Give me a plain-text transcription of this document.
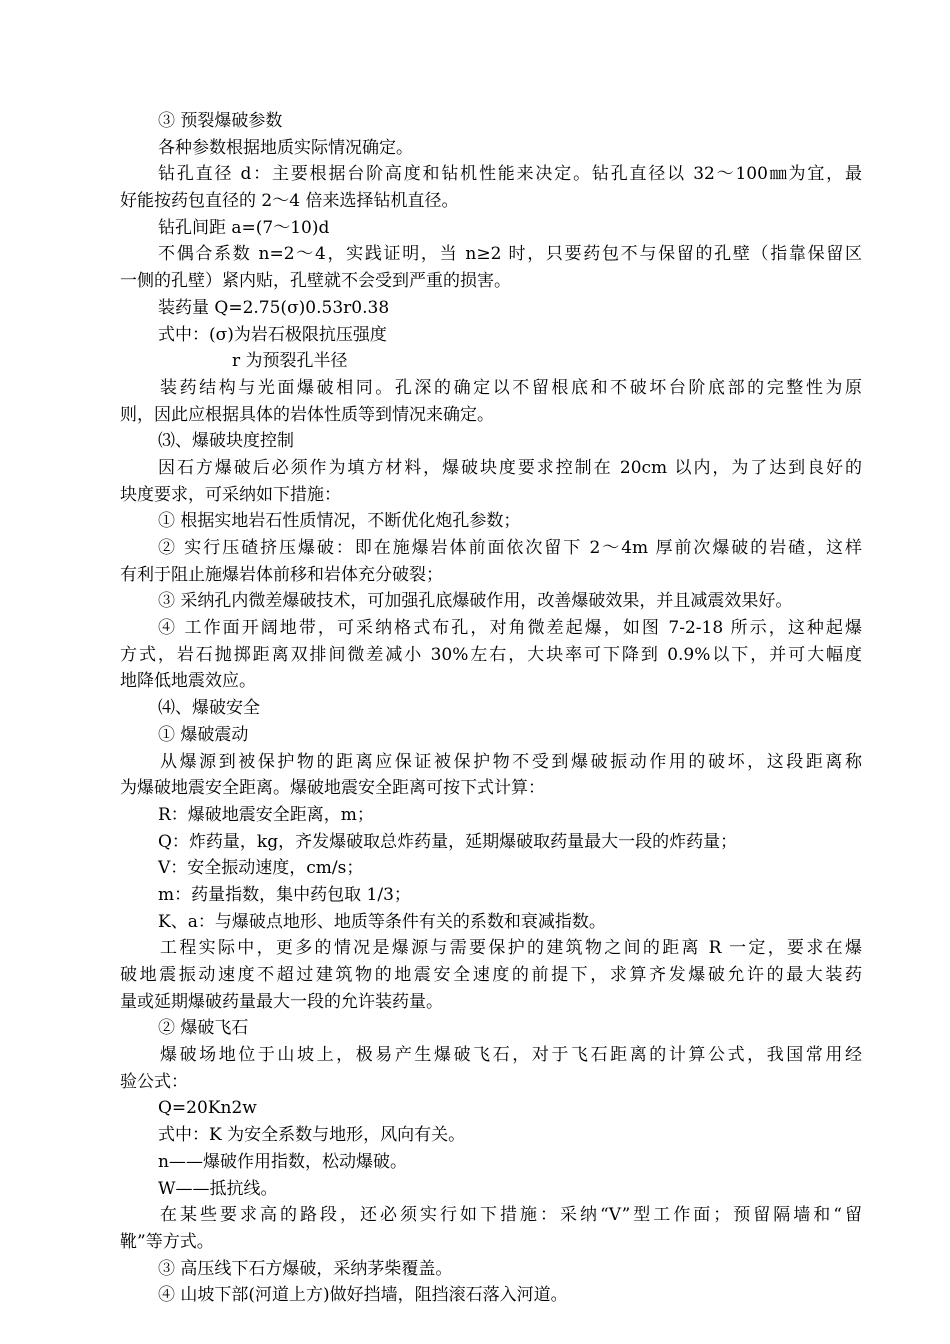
③ 预裂爆破参数
各种参数根据地质实际情况确定。
钻孔直径 d：主要根据台阶高度和钻机性能来决定。钻孔直径以 32～100㎜为宜，最
好能按药包直径的 2～4 倍来选择钻机直径。
钻孔间距 a=(7～10)d
不偶合系数 n=2～4，实践证明，当 n≥2 时，只要药包不与保留的孔壁（指靠保留区
一侧的孔壁）紧内贴，孔壁就不会受到严重的损害。
装药量 Q=2.75(σ)0.53r0.38
式中：(σ)为岩石极限抗压强度
r 为预裂孔半径
装药结构与光面爆破相同。孔深的确定以不留根底和不破坏台阶底部的完整性为原
则，因此应根据具体的岩体性质等到情况来确定。
⑶、爆破块度控制
因石方爆破后必须作为填方材料，爆破块度要求控制在 20cm 以内，为了达到良好的
块度要求，可采纳如下措施：
① 根据实地岩石性质情况，不断优化炮孔参数；
② 实行压碴挤压爆破：即在施爆岩体前面依次留下 2～4m 厚前次爆破的岩碴，这样
有利于阻止施爆岩体前移和岩体充分破裂；
③ 采纳孔内微差爆破技术，可加强孔底爆破作用，改善爆破效果，并且减震效果好。
④ 工作面开阔地带，可采纳格式布孔，对角微差起爆，如图 7-2-18 所示，这种起爆
方式，岩石抛掷距离双排间微差减小 30%左右，大块率可下降到 0.9%以下，并可大幅度
地降低地震效应。
⑷、爆破安全
① 爆破震动
从爆源到被保护物的距离应保证被保护物不受到爆破振动作用的破坏，这段距离称
为爆破地震安全距离。爆破地震安全距离可按下式计算：
R：爆破地震安全距离，m；
Q：炸药量，kg，齐发爆破取总炸药量，延期爆破取药量最大一段的炸药量；
V：安全振动速度，cm/s；
m：药量指数，集中药包取 1/3；
K、a：与爆破点地形、地质等条件有关的系数和衰减指数。
工程实际中，更多的情况是爆源与需要保护的建筑物之间的距离 R 一定，要求在爆
破地震振动速度不超过建筑物的地震安全速度的前提下，求算齐发爆破允许的最大装药
量或延期爆破药量最大一段的允许装药量。
② 爆破飞石
爆破场地位于山坡上，极易产生爆破飞石，对于飞石距离的计算公式，我国常用经
验公式：
Q=20Kn2w
式中：K 为安全系数与地形，风向有关。
n——爆破作用指数，松动爆破。
W——抵抗线。
在某些要求高的路段，还必须实行如下措施：采纳“V”型工作面；预留隔墙和“留
靴”等方式。
③ 高压线下石方爆破，采纳茅柴覆盖。
④ 山坡下部(河道上方)做好挡墙，阻挡滚石落入河道。
